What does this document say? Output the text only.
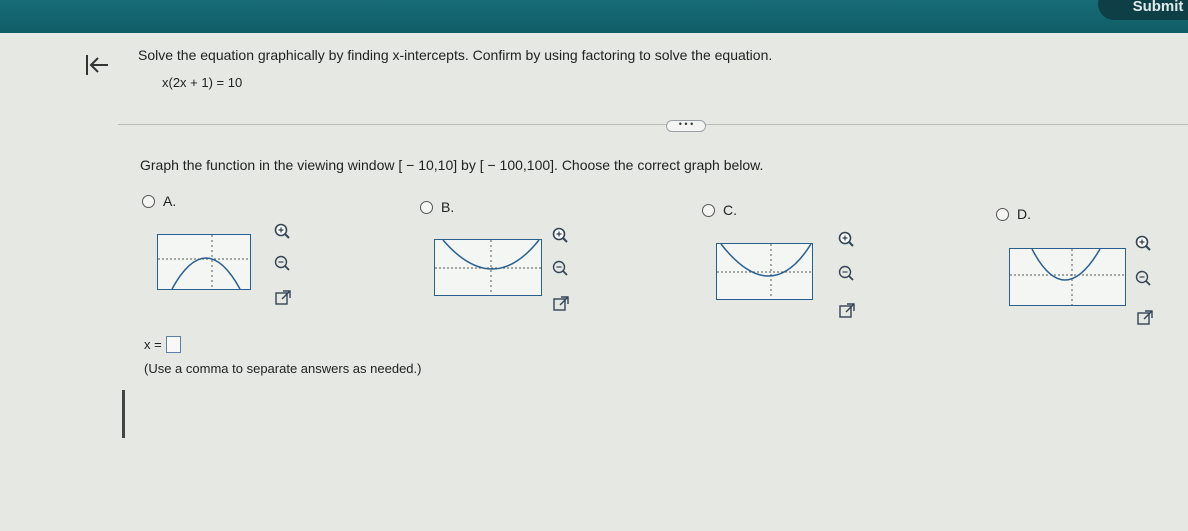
Submit
Solve the equation graphically by finding x-intercepts. Confirm by using factoring to solve the equation.
x(2x + 1) = 10
• • •
Graph the function in the viewing window [ − 10,10] by [ − 100,100]. Choose the correct graph below.
A.	B.	C.	D.
x =
(Use a comma to separate answers as needed.)
